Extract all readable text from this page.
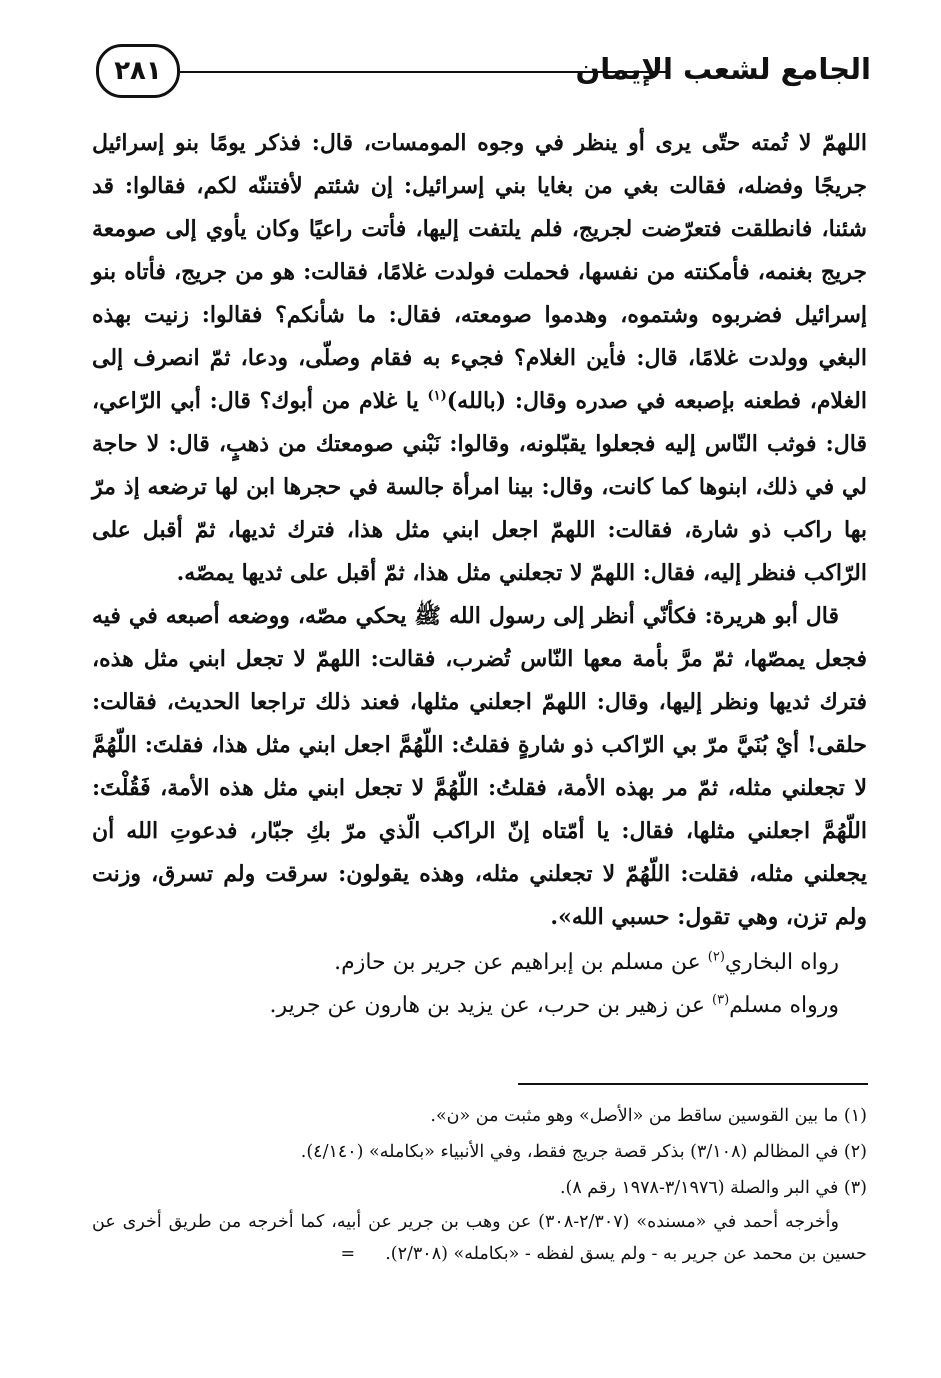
الجامع لشعب الإيمان
٢٨١

اللهمّ لا تُمته حتّى يرى أو ينظر في وجوه المومسات، قال: فذكر يومًا بنو إسرائيل جريجًا وفضله، فقالت بغي من بغايا بني إسرائيل: إن شئتم لأفتننّه لكم، فقالوا: قد شئنا، فانطلقت فتعرّضت لجريج، فلم يلتفت إليها، فأتت راعيًا وكان يأوي إلى صومعة جريج بغنمه، فأمكنته من نفسها، فحملت فولدت غلامًا، فقالت: هو من جريج، فأتاه بنو إسرائيل فضربوه وشتموه، وهدموا صومعته، فقال: ما شأنكم؟ فقالوا: زنيت بهذه البغي وولدت غلامًا، قال: فأين الغلام؟ فجيء به فقام وصلّى، ودعا، ثمّ انصرف إلى الغلام، فطعنه بإصبعه في صدره وقال: (بالله)$^{(١)}$ يا غلام من أبوك؟ قال: أبي الرّاعي، قال: فوثب النّاس إليه فجعلوا يقبّلونه، وقالوا: نَبْني صومعتك من ذهبٍ، قال: لا حاجة لي في ذلك، ابنوها كما كانت، وقال: بينا امرأة جالسة في حجرها ابن لها ترضعه إذ مرّ بها راكب ذو شارة، فقالت: اللهمّ اجعل ابني مثل هذا، فترك ثديها، ثمّ أقبل على الرّاكب فنظر إليه، فقال: اللهمّ لا تجعلني مثل هذا، ثمّ أقبل على ثديها يمصّه.

قال أبو هريرة: فكأنّي أنظر إلى رسول الله ﷺ يحكي مصّه، ووضعه أصبعه في فيه فجعل يمصّها، ثمّ مرَّ بأمة معها النّاس تُضرب، فقالت: اللهمّ لا تجعل ابني مثل هذه، فترك ثديها ونظر إليها، وقال: اللهمّ اجعلني مثلها، فعند ذلك تراجعا الحديث، فقالت: حلقى! أيْ بُنَيَّ مرّ بي الرّاكب ذو شارةٍ فقلتُ: اللّهُمَّ اجعل ابني مثل هذا، فقلتَ: اللّهُمَّ لا تجعلني مثله، ثمّ مر بهذه الأمة، فقلتُ: اللّهُمَّ لا تجعل ابني مثل هذه الأمة، فَقُلْتَ: اللّهُمَّ اجعلني مثلها، فقال: يا أمّتاه إنّ الراكب الّذي مرّ بكِ جبّار، فدعوتِ الله أن يجعلني مثله، فقلت: اللّهُمّ لا تجعلني مثله، وهذه يقولون: سرقت ولم تسرق، وزنت ولم تزن، وهي تقول: حسبي الله».

رواه البخاري$^{(٢)}$ عن مسلم بن إبراهيم عن جرير بن حازم.

ورواه مسلم$^{(٣)}$ عن زهير بن حرب، عن يزيد بن هارون عن جرير.

(١) ما بين القوسين ساقط من «الأصل» وهو مثبت من «ن».

(٢) في المظالم (٣/١٠٨) بذكر قصة جريج فقط، وفي الأنبياء «بكامله» (٤/١٤٠).

(٣) في البر والصلة (٣/١٩٧٦-١٩٧٨ رقم ٨).

وأخرجه أحمد في «مسنده» (٢/٣٠٧-٣٠٨) عن وهب بن جرير عن أبيه، كما أخرجه من طريق أخرى عن حسين بن محمد عن جرير به - ولم يسق لفظه - «بكامله» (٢/٣٠٨).=
